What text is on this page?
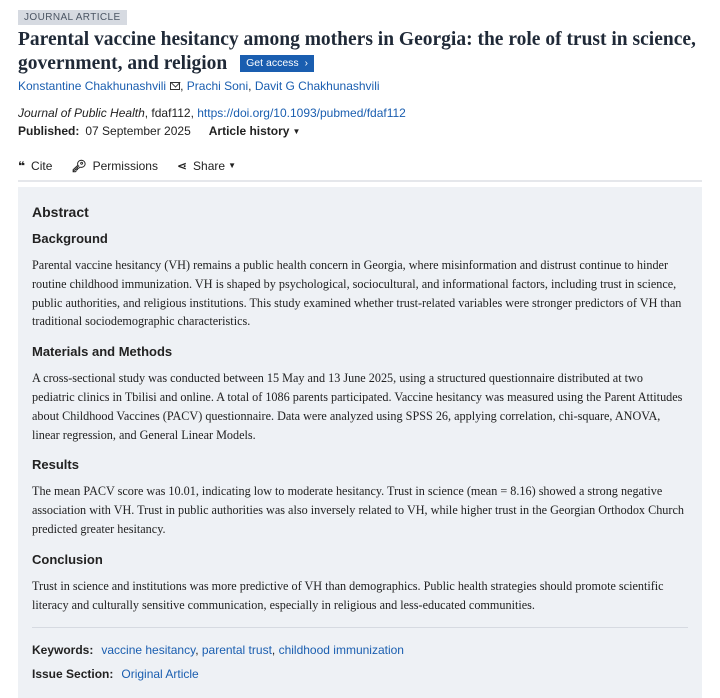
JOURNAL ARTICLE
Parental vaccine hesitancy among mothers in Georgia: the role of trust in science, government, and religion Get access ›
Konstantine Chakhunashvili , Prachi Soni, Davit G Chakhunashvili
Journal of Public Health, fdaf112, https://doi.org/10.1093/pubmed/fdaf112
Published: 07 September 2025 Article history ▼
❝ Cite 🔑︎ Permissions ⋖ Share ▼
Abstract
Background

Parental vaccine hesitancy (VH) remains a public health concern in Georgia, where misinformation and distrust continue to hinder routine childhood immunization. VH is shaped by psychological, sociocultural, and informational factors, including trust in science, public authorities, and religious institutions. This study examined whether trust-related variables were stronger predictors of VH than traditional sociodemographic characteristics.

Materials and Methods

A cross-sectional study was conducted between 15 May and 13 June 2025, using a structured questionnaire distributed at two pediatric clinics in Tbilisi and online. A total of 1086 parents participated. Vaccine hesitancy was measured using the Parent Attitudes about Childhood Vaccines (PACV) questionnaire. Data were analyzed using SPSS 26, applying correlation, chi-square, ANOVA, linear regression, and General Linear Models.

Results

The mean PACV score was 10.01, indicating low to moderate hesitancy. Trust in science (mean = 8.16) showed a strong negative association with VH. Trust in public authorities was also inversely related to VH, while higher trust in the Georgian Orthodox Church predicted greater hesitancy.

Conclusion

Trust in science and institutions was more predictive of VH than demographics. Public health strategies should promote scientific literacy and culturally sensitive communication, especially in religious and less-educated communities.

Keywords: vaccine hesitancy, parental trust, childhood immunization
Issue Section: Original Article
